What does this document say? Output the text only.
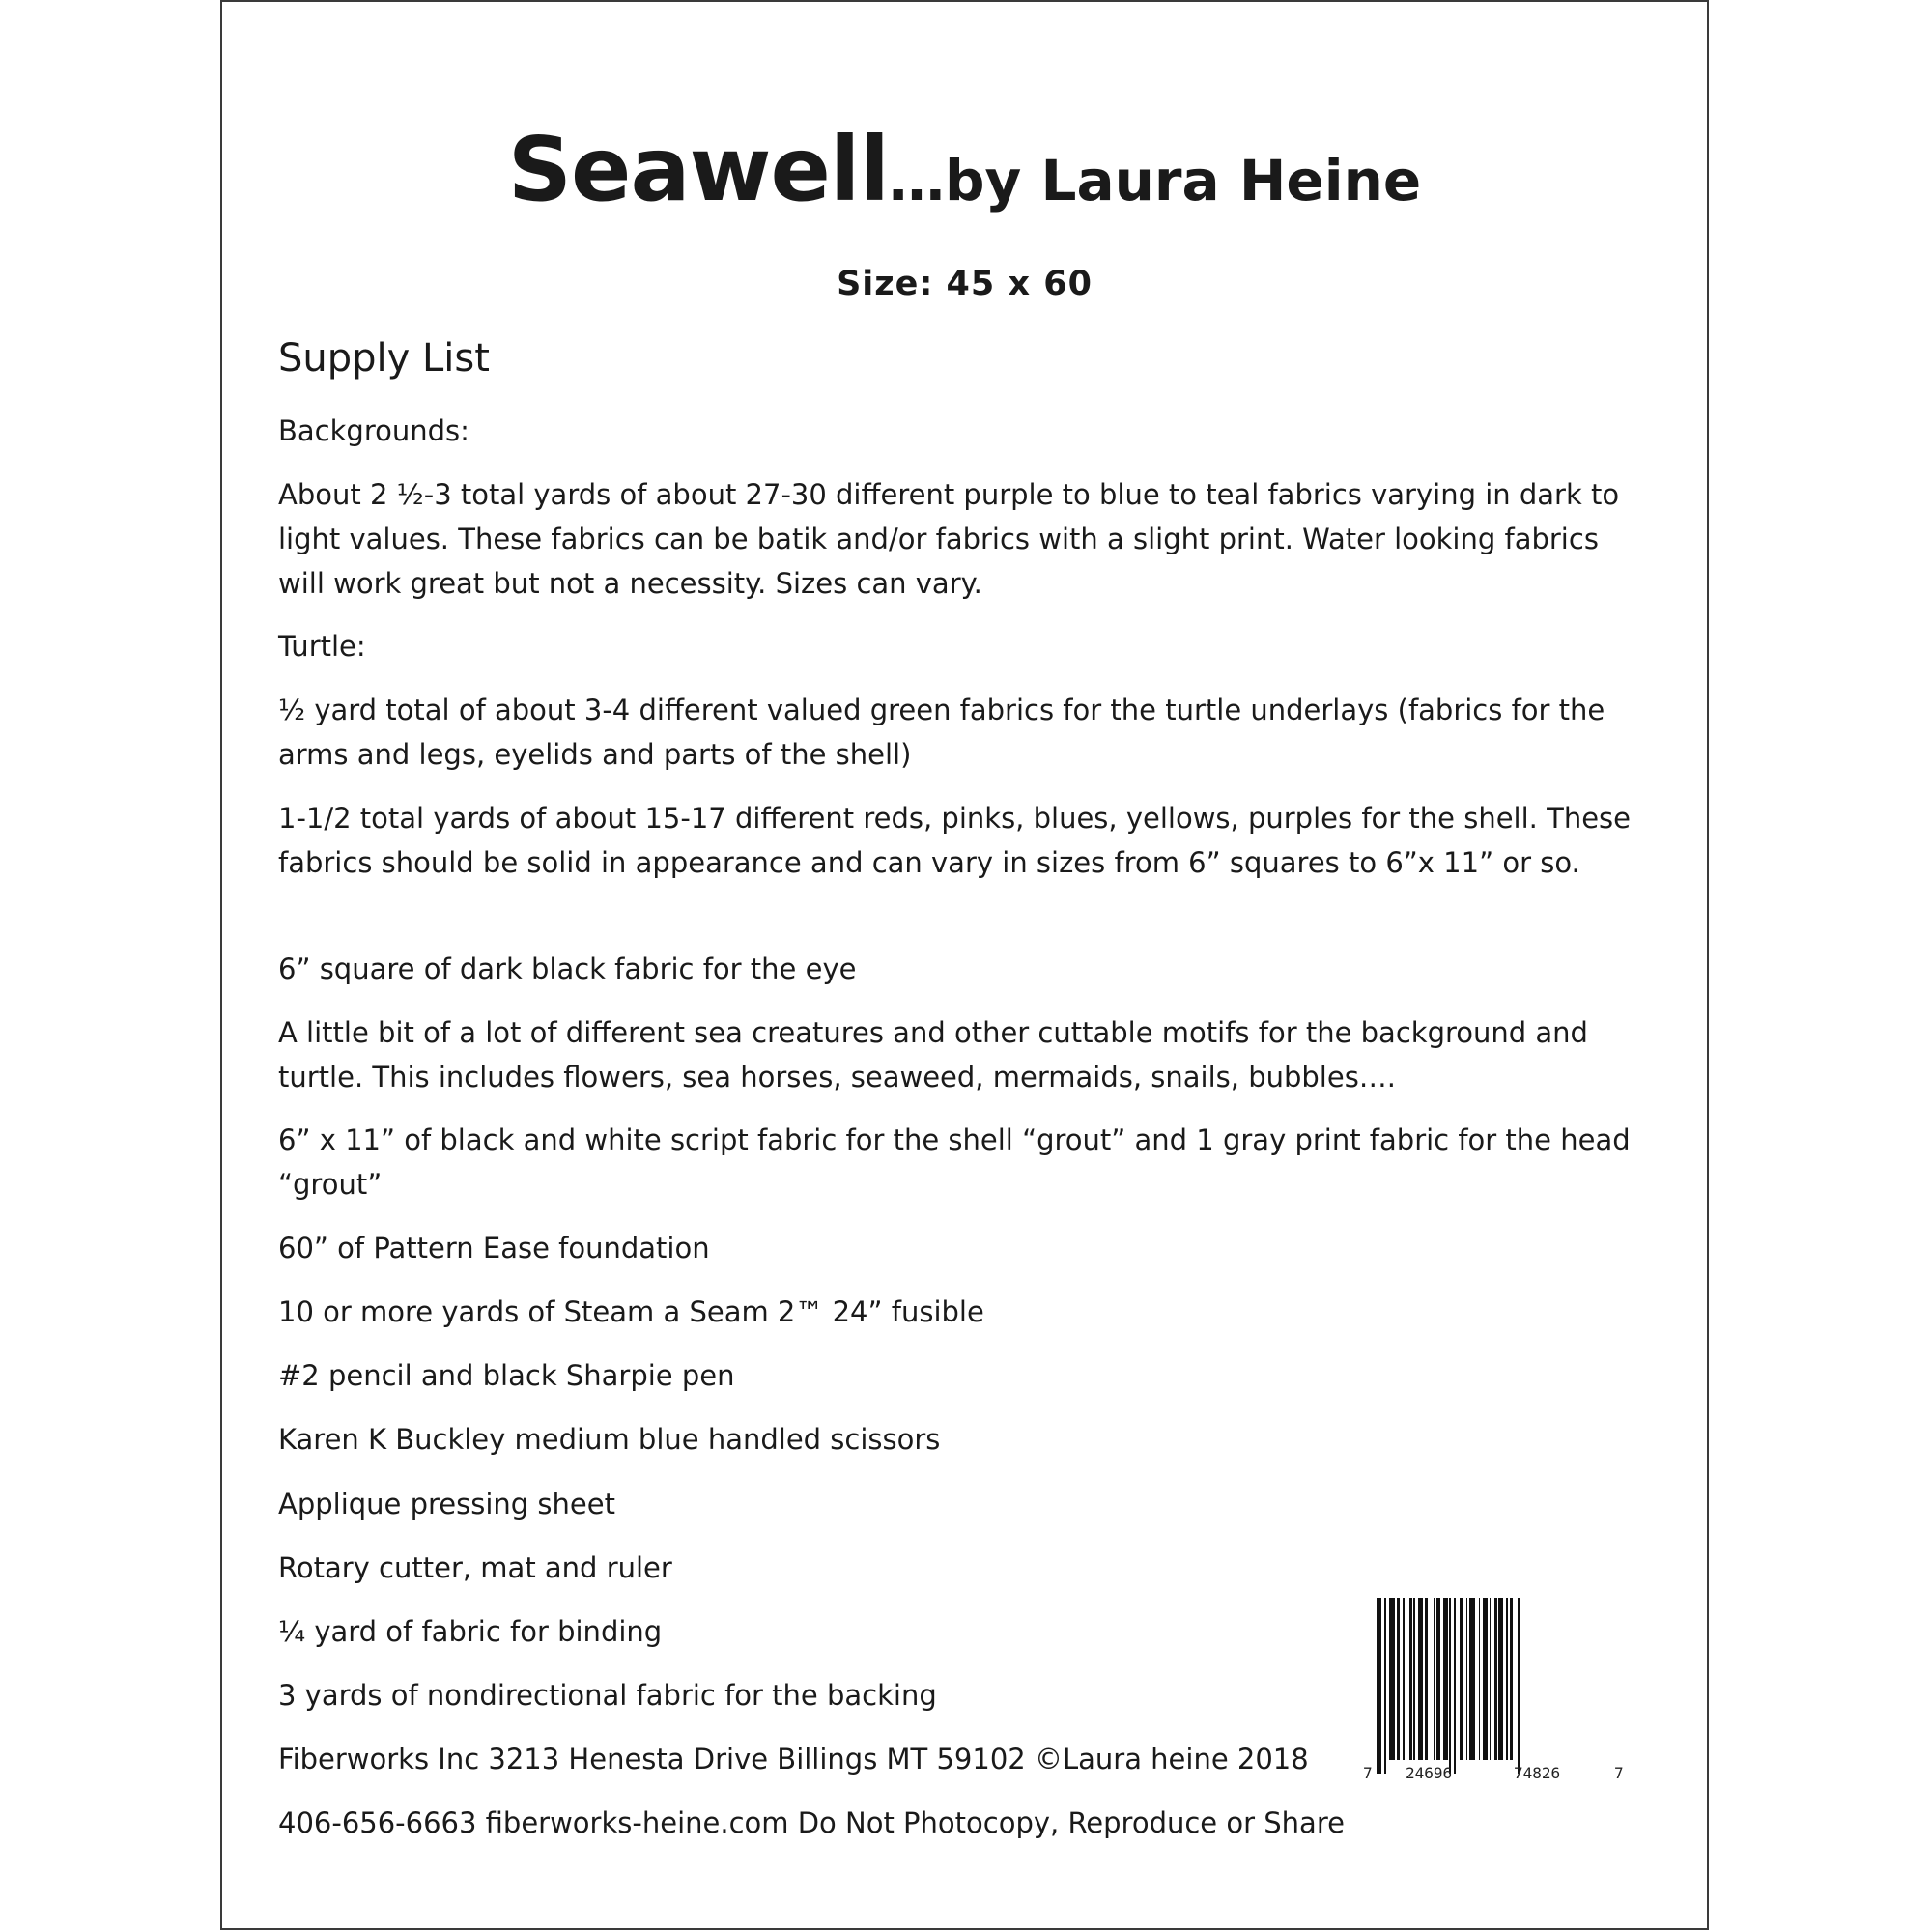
Seawell…by Laura Heine
Size: 45 x 60
Supply List
Backgrounds:
About 2 ½-3 total yards of about 27-30 different purple to blue to teal fabrics varying in dark to light values. These fabrics can be batik and/or fabrics with a slight print. Water looking fabrics will work great but not a necessity. Sizes can vary.
Turtle:
½ yard total of about 3-4 different valued green fabrics for the turtle underlays (fabrics for the arms and legs, eyelids and parts of the shell)
1-1/2 total yards of about 15-17 different reds, pinks, blues, yellows, purples for the shell. These fabrics should be solid in appearance and can vary in sizes from 6” squares to 6”x 11” or so.
6” square of dark black fabric for the eye
A little bit of a lot of different sea creatures and other cuttable motifs for the background and turtle. This includes flowers, sea horses, seaweed, mermaids, snails, bubbles….
6” x 11” of black and white script fabric for the shell “grout” and 1 gray print fabric for the head “grout”
60” of Pattern Ease foundation
10 or more yards of Steam a Seam 2™ 24” fusible
#2 pencil and black Sharpie pen
Karen K Buckley medium blue handled scissors
Applique pressing sheet
Rotary cutter, mat and ruler
¼ yard of fabric for binding
3 yards of nondirectional fabric for the backing
Fiberworks Inc 3213 Henesta Drive Billings MT 59102 ©Laura heine 2018
406-656-6663 fiberworks-heine.com Do Not Photocopy, Reproduce or Share
7 24696	74826	7
